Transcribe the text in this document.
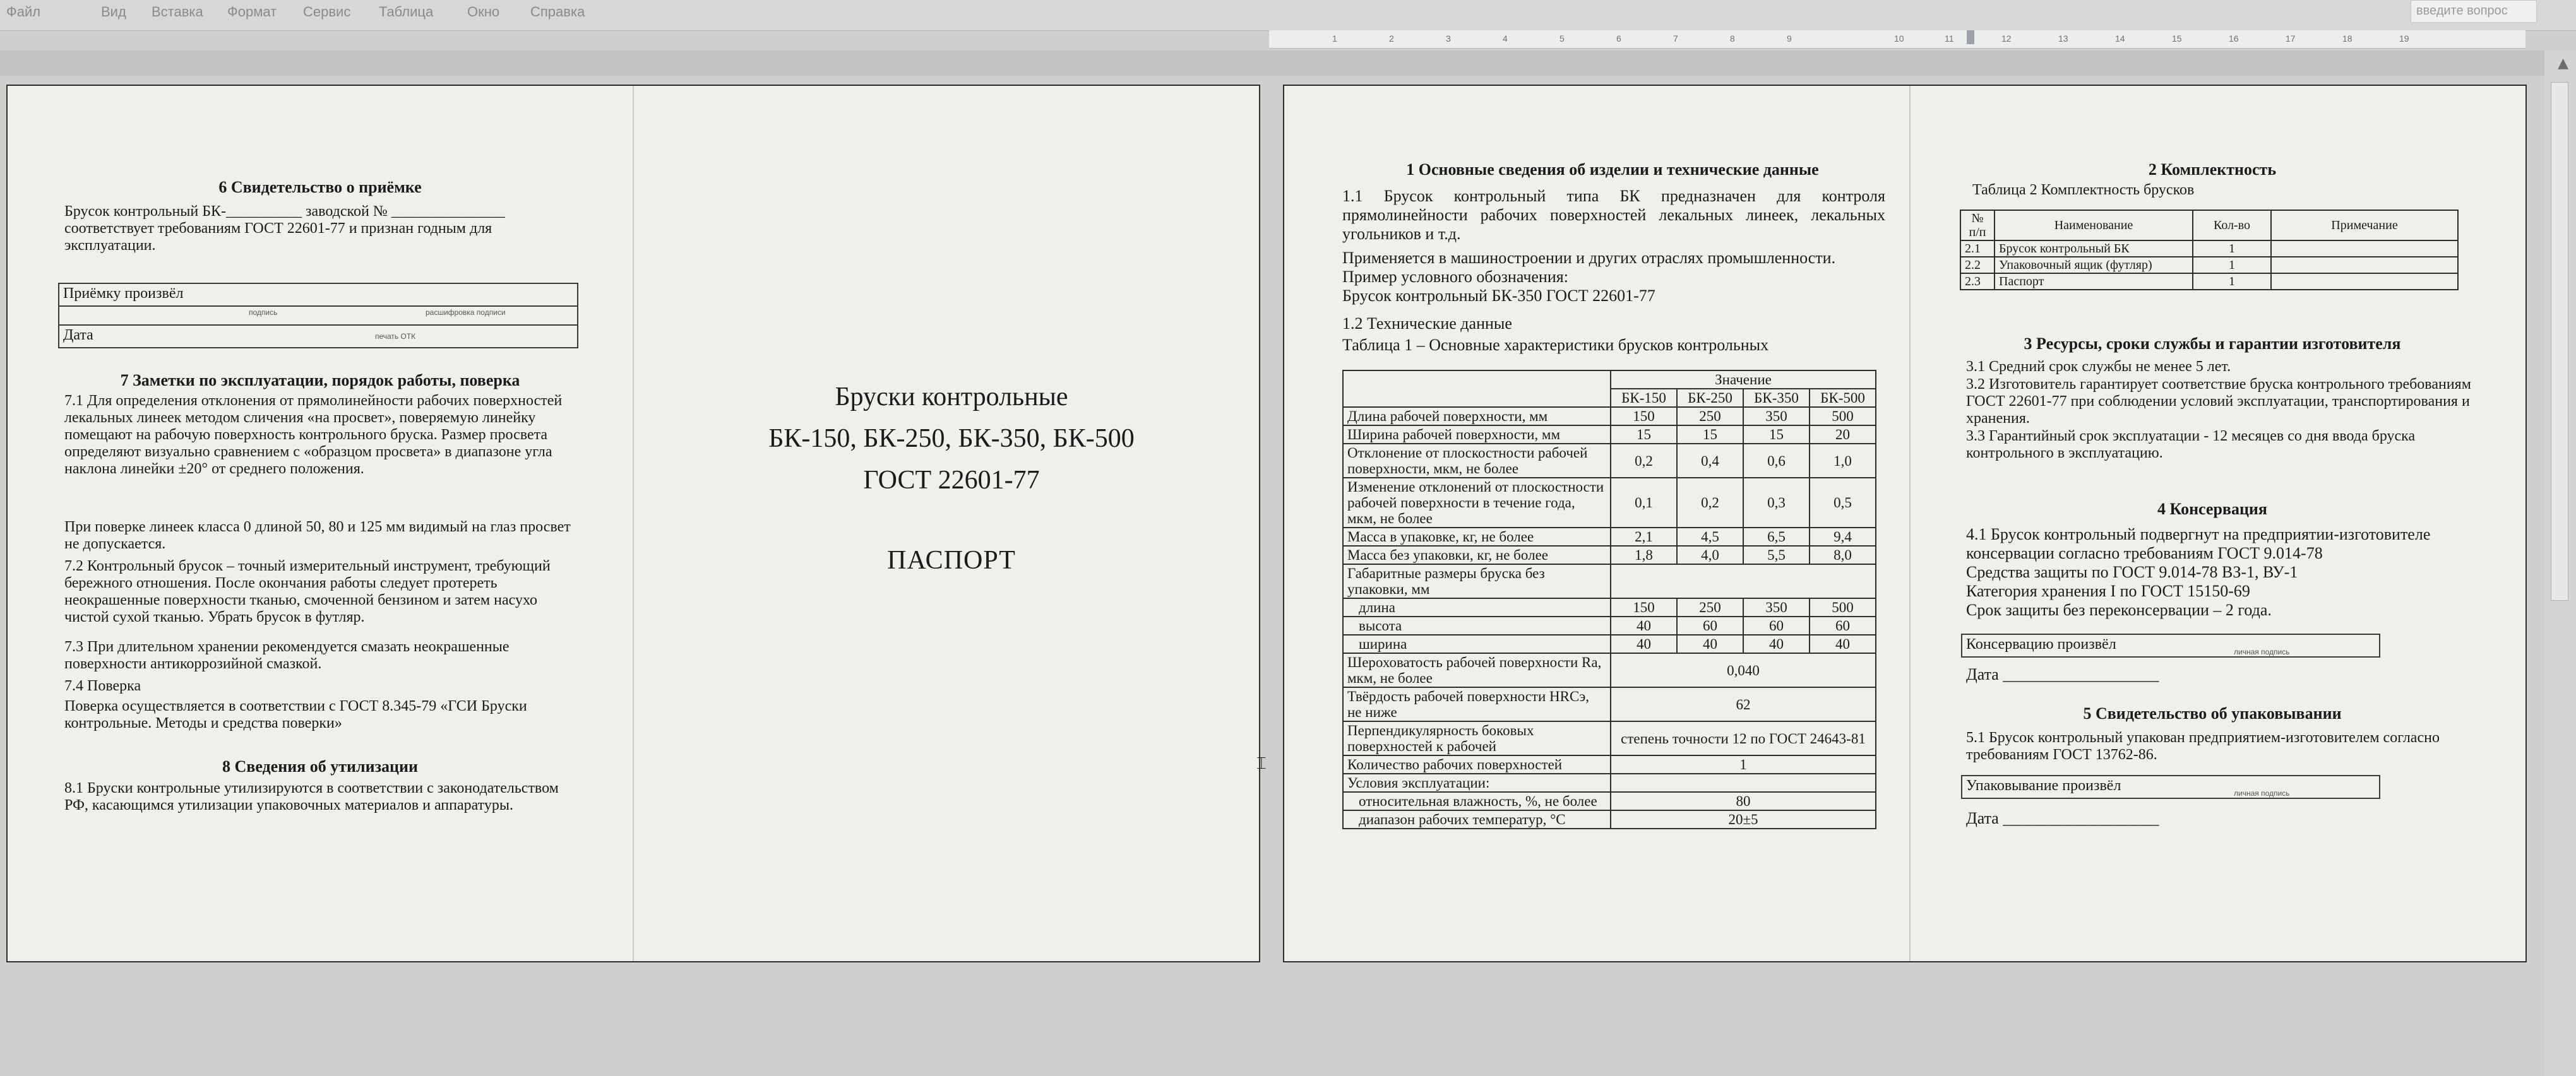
Файл	Вид Вставка Формат Сервис Таблица Окно Справка	введите вопрос
1	2	3	4	5	6	7	8	9	10	11	12	13	14	15	16	17	18	19
▲
6 Свидетельство о приёмке
Брусок контрольный БК-__________ заводской № _______________ соответствует требованиям ГОСТ 22601-77 и признан годным для эксплуатации.
Приёмку произвёл
подпись	расшифровка подписи
Дата	печать ОТК
7 Заметки по эксплуатации, порядок работы, поверка
7.1 Для определения отклонения от прямолинейности рабочих поверхностей лекальных линеек методом сличения «на просвет», поверяемую линейку помещают на рабочую поверхность контрольного бруска. Размер просвета определяют визуально сравнением с «образцом просвета» в диапазоне угла наклона линейки ±20° от среднего положения.
При поверке линеек класса 0 длиной 50, 80 и 125 мм видимый на глаз просвет не допускается.
7.2 Контрольный брусок – точный измерительный инструмент, требующий бережного отношения. После окончания работы следует протереть неокрашенные поверхности тканью, смоченной бензином и затем насухо чистой сухой тканью. Убрать брусок в футляр.
7.3 При длительном хранении рекомендуется смазать неокрашенные поверхности антикоррозийной смазкой.
7.4 Поверка
Поверка осуществляется в соответствии с ГОСТ 8.345-79 «ГСИ Бруски контрольные. Методы и средства поверки»
8 Сведения об утилизации
8.1 Бруски контрольные утилизируются в соответствии с законодательством РФ, касающимся утилизации упаковочных материалов и аппаратуры.
Бруски контрольные
БК-150, БК-250, БК-350, БК-500
ГОСТ 22601-77
ПАСПОРТ
⌶
1 Основные сведения об изделии и технические данные
1.1 Брусок контрольный типа БК предназначен для контроля прямолинейности рабочих поверхностей лекальных линеек, лекальных угольников и т.д.
Применяется в машиностроении и других отраслях промышленности.
Пример условного обозначения:
Брусок контрольный БК-350 ГОСТ 22601-77
1.2 Технические данные
Таблица 1 – Основные характеристики брусков контрольных
	Значение			
	БК-150	БК-250	БК-350	БК-500
Длина рабочей поверхности, мм	150	250	350	500
Ширина рабочей поверхности, мм	15	15	15	20
Отклонение от плоскостности рабочей поверхности, мкм, не более	0,2	0,4	0,6	1,0
Изменение отклонений от плоскостности рабочей поверхности в течение года, мкм, не более	0,1	0,2	0,3	0,5
Масса в упаковке, кг, не более	2,1	4,5	6,5	9,4
Масса без упаковки, кг, не более	1,8	4,0	5,5	8,0
Габаритные размеры бруска без упаковки, мм				
длина	150	250	350	500
высота	40	60	60	60
ширина	40	40	40	40
Шероховатость рабочей поверхности Ra, мкм, не более	0,040			
Твёрдость рабочей поверхности HRCэ, не ниже	62			
Перпендикулярность боковых поверхностей к рабочей	степень точности 12 по ГОСТ 24643-81			
Количество рабочих поверхностей	1			
Условия эксплуатации:				
относительная влажность, %, не более	80			
диапазон рабочих температур, °С	20±5			
2 Комплектность
Таблица 2 Комплектность брусков
№ п/п	Наименование	Кол-во	Примечание
2.1	Брусок контрольный БК	1	
2.2	Упаковочный ящик (футляр)	1	
2.3	Паспорт	1	
3 Ресурсы, сроки службы и гарантии изготовителя
3.1 Средний срок службы не менее 5 лет.
3.2 Изготовитель гарантирует соответствие бруска контрольного требованиям ГОСТ 22601-77 при соблюдении условий эксплуатации, транспортирования и хранения.
3.3 Гарантийный срок эксплуатации - 12 месяцев со дня ввода бруска контрольного в эксплуатацию.
4 Консервация
4.1 Брусок контрольный подвергнут на предприятии-изготовителе консервации согласно требованиям ГОСТ 9.014-78
Средства защиты по ГОСТ 9.014-78 ВЗ-1, ВУ-1
Категория хранения I по ГОСТ 15150-69
Срок защиты без переконсервации – 2 года.
Консервацию произвёл	личная подпись
Дата ___________________
5 Свидетельство об упаковывании
5.1 Брусок контрольный упакован предприятием-изготовителем согласно требованиям ГОСТ 13762-86.
Упаковывание произвёл	личная подпись
Дата ___________________
